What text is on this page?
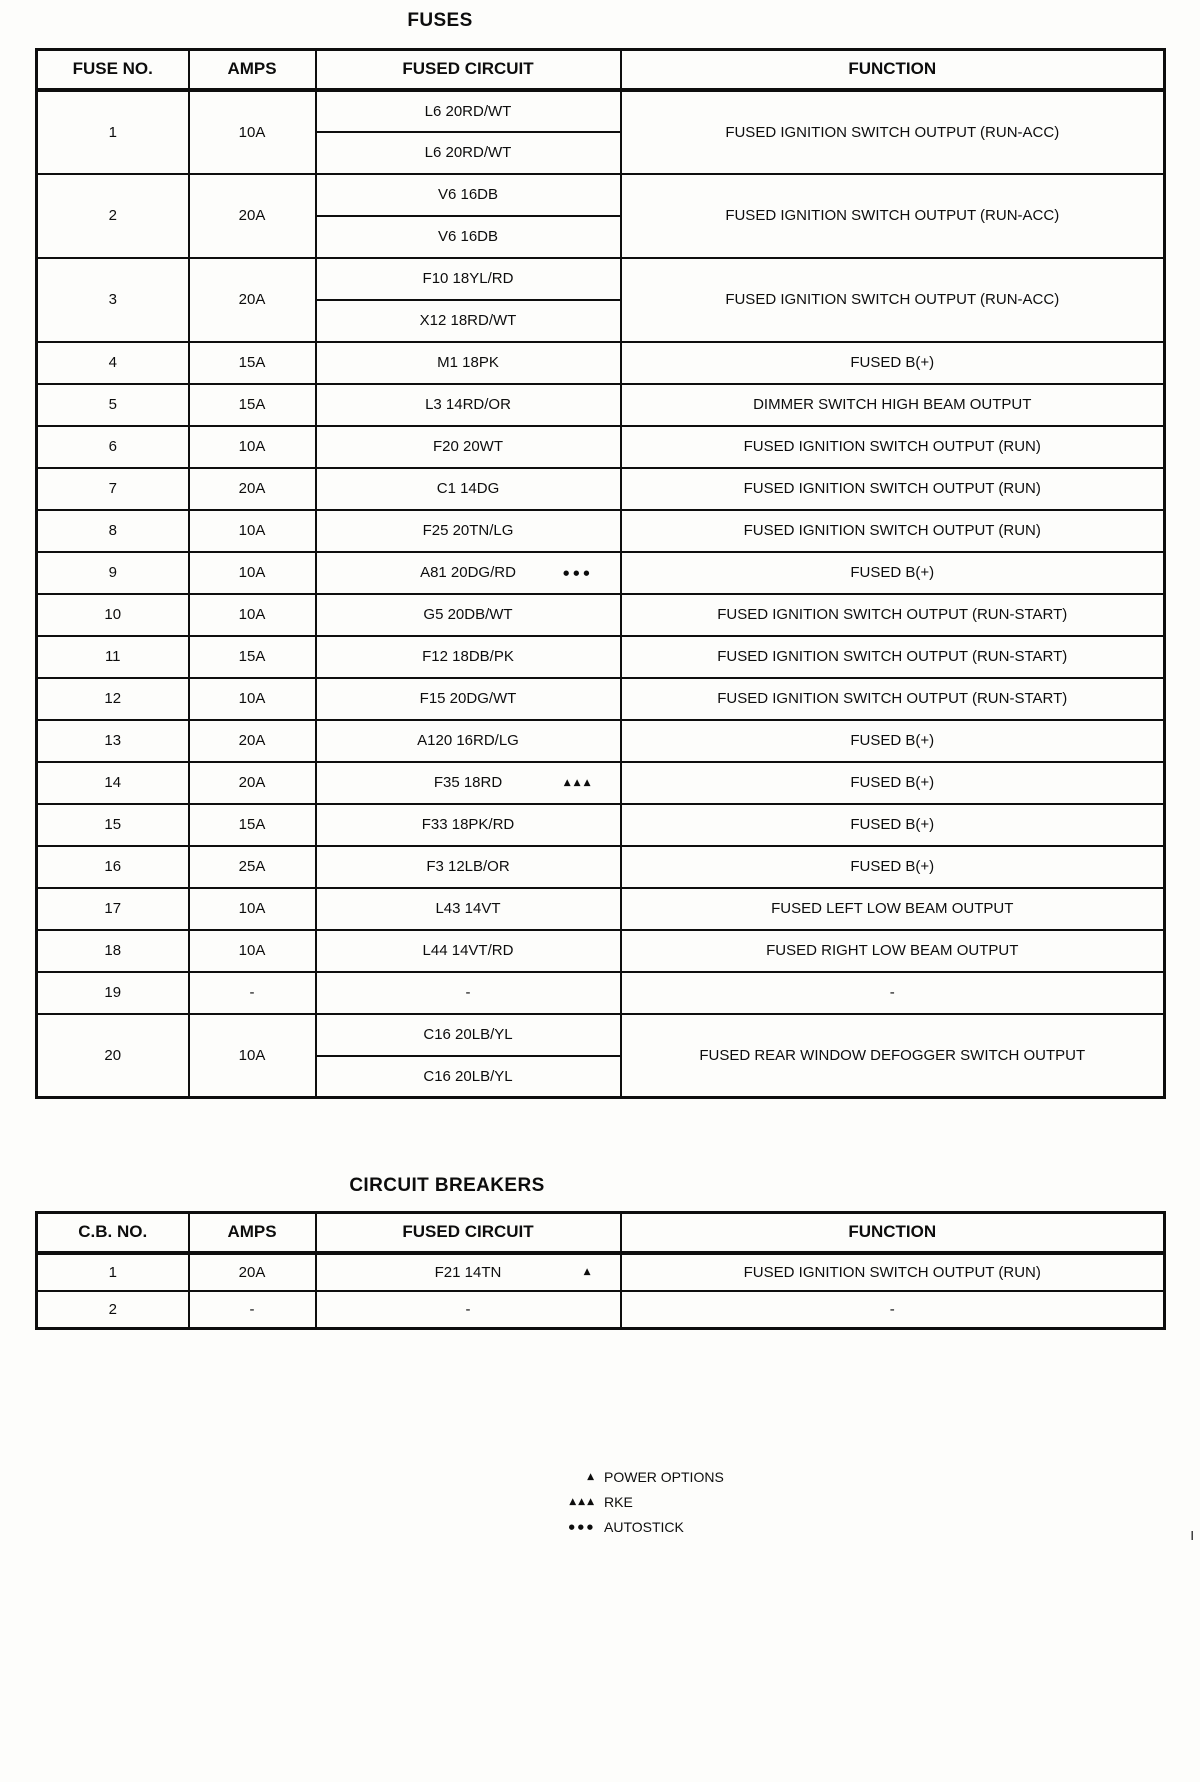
FUSES
FUSE NO.	AMPS	FUSED CIRCUIT	FUNCTION
1	10A	L6 20RD/WT	FUSED IGNITION SWITCH OUTPUT (RUN-ACC)
		L6 20RD/WT	
2	20A	V6 16DB	FUSED IGNITION SWITCH OUTPUT (RUN-ACC)
		V6 16DB	
3	20A	F10 18YL/RD	FUSED IGNITION SWITCH OUTPUT (RUN-ACC)
		X12 18RD/WT	
4	15A	M1 18PK	FUSED B(+)
5	15A	L3 14RD/OR	DIMMER SWITCH HIGH BEAM OUTPUT
6	10A	F20 20WT	FUSED IGNITION SWITCH OUTPUT (RUN)
7	20A	C1 14DG	FUSED IGNITION SWITCH OUTPUT (RUN)
8	10A	F25 20TN/LG	FUSED IGNITION SWITCH OUTPUT (RUN)
9	10A	A81 20DG/RD ●●●	FUSED B(+)
10	10A	G5 20DB/WT	FUSED IGNITION SWITCH OUTPUT (RUN-START)
11	15A	F12 18DB/PK	FUSED IGNITION SWITCH OUTPUT (RUN-START)
12	10A	F15 20DG/WT	FUSED IGNITION SWITCH OUTPUT (RUN-START)
13	20A	A120 16RD/LG	FUSED B(+)
14	20A	F35 18RD ▲▲▲	FUSED B(+)
15	15A	F33 18PK/RD	FUSED B(+)
16	25A	F3 12LB/OR	FUSED B(+)
17	10A	L43 14VT	FUSED LEFT LOW BEAM OUTPUT
18	10A	L44 14VT/RD	FUSED RIGHT LOW BEAM OUTPUT
19	-	-	-
20	10A	C16 20LB/YL	FUSED REAR WINDOW DEFOGGER SWITCH OUTPUT
		C16 20LB/YL	
CIRCUIT BREAKERS
C.B. NO.	AMPS	FUSED CIRCUIT	FUNCTION
1	20A	F21 14TN ▲	FUSED IGNITION SWITCH OUTPUT (RUN)
2	-	-	-
▲ POWER OPTIONS
▲▲▲ RKE
●●● AUTOSTICK
I
